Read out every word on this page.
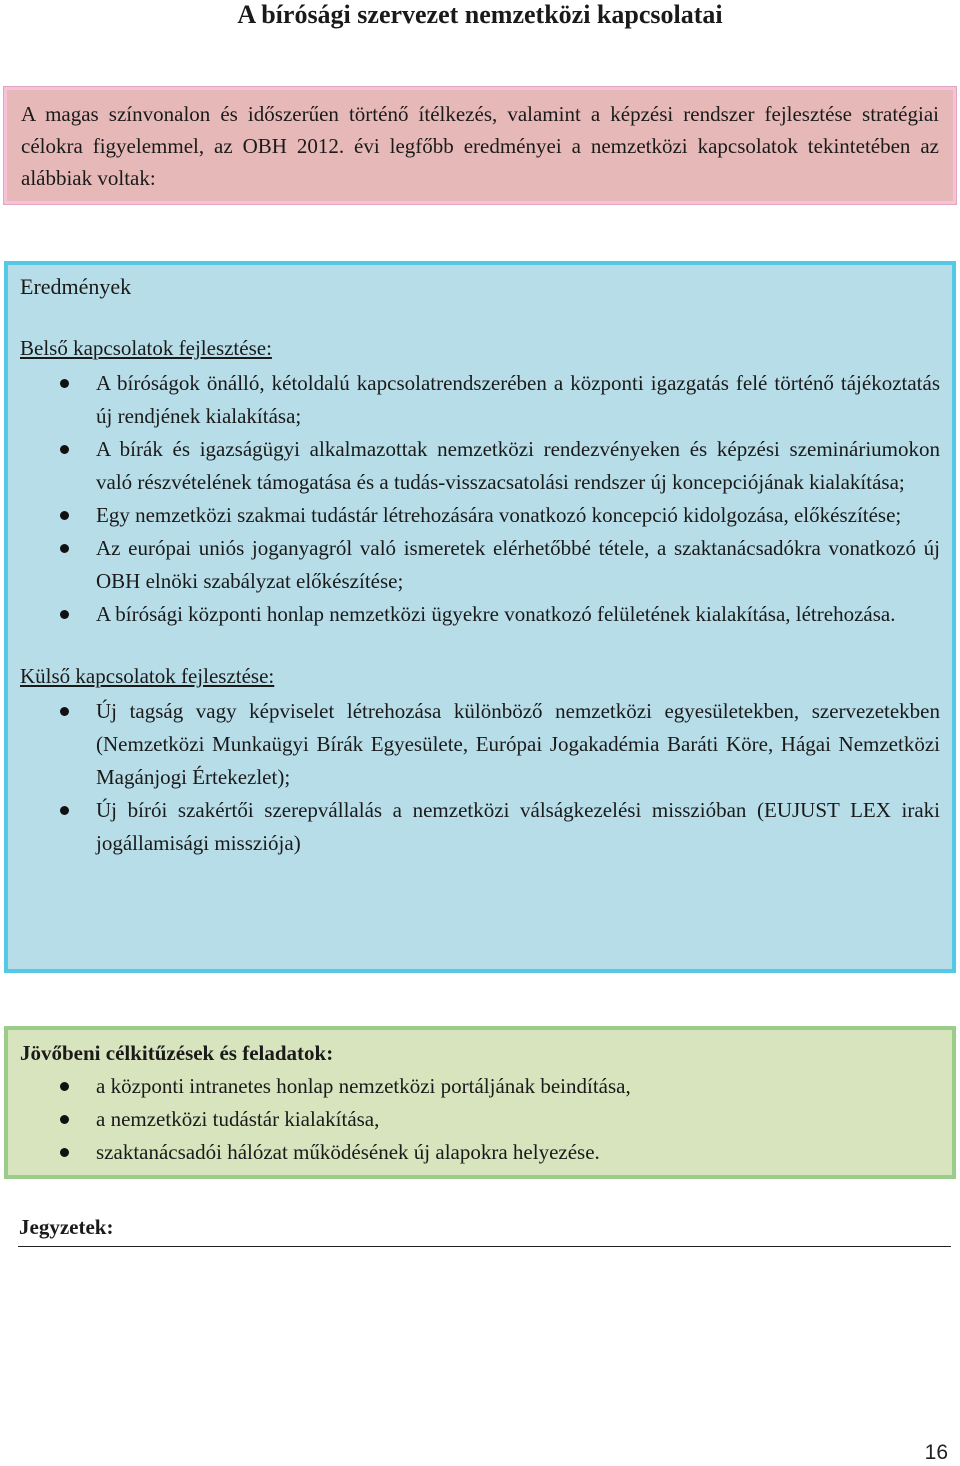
A bírósági szervezet nemzetközi kapcsolatai
A magas színvonalon és időszerűen történő ítélkezés, valamint a képzési rendszer fejlesztése stratégiai célokra figyelemmel, az OBH 2012. évi legfőbb eredményei a nemzetközi kapcsolatok tekintetében az alábbiak voltak:

Eredmények

Belső kapcsolatok fejlesztése:

A bíróságok önálló, kétoldalú kapcsolatrendszerében a központi igazgatás felé történő tájékoztatás új rendjének kialakítása;
A bírák és igazságügyi alkalmazottak nemzetközi rendezvényeken és képzési szemináriumokon való részvételének támogatása és a tudás-visszacsatolási rendszer új koncepciójának kialakítása;
Egy nemzetközi szakmai tudástár létrehozására vonatkozó koncepció kidolgozása, előkészítése;
Az európai uniós joganyagról való ismeretek elérhetőbbé tétele, a szaktanácsadókra vonatkozó új OBH elnöki szabályzat előkészítése;
A bírósági központi honlap nemzetközi ügyekre vonatkozó felületének kialakítása, létrehozása.

Külső kapcsolatok fejlesztése:

Új tagság vagy képviselet létrehozása különböző nemzetközi egyesületekben, szervezetekben (Nemzetközi Munkaügyi Bírák Egyesülete, Európai Jogakadémia Baráti Köre, Hágai Nemzetközi Magánjogi Értekezlet);
Új bírói szakértői szerepvállalás a nemzetközi válságkezelési misszióban (EUJUST LEX iraki jogállamisági missziója)

Jövőbeni célkitűzések és feladatok:

a központi intranetes honlap nemzetközi portáljának beindítása,
a nemzetközi tudástár kialakítása,
szaktanácsadói hálózat működésének új alapokra helyezése.

Jegyzetek:

16
